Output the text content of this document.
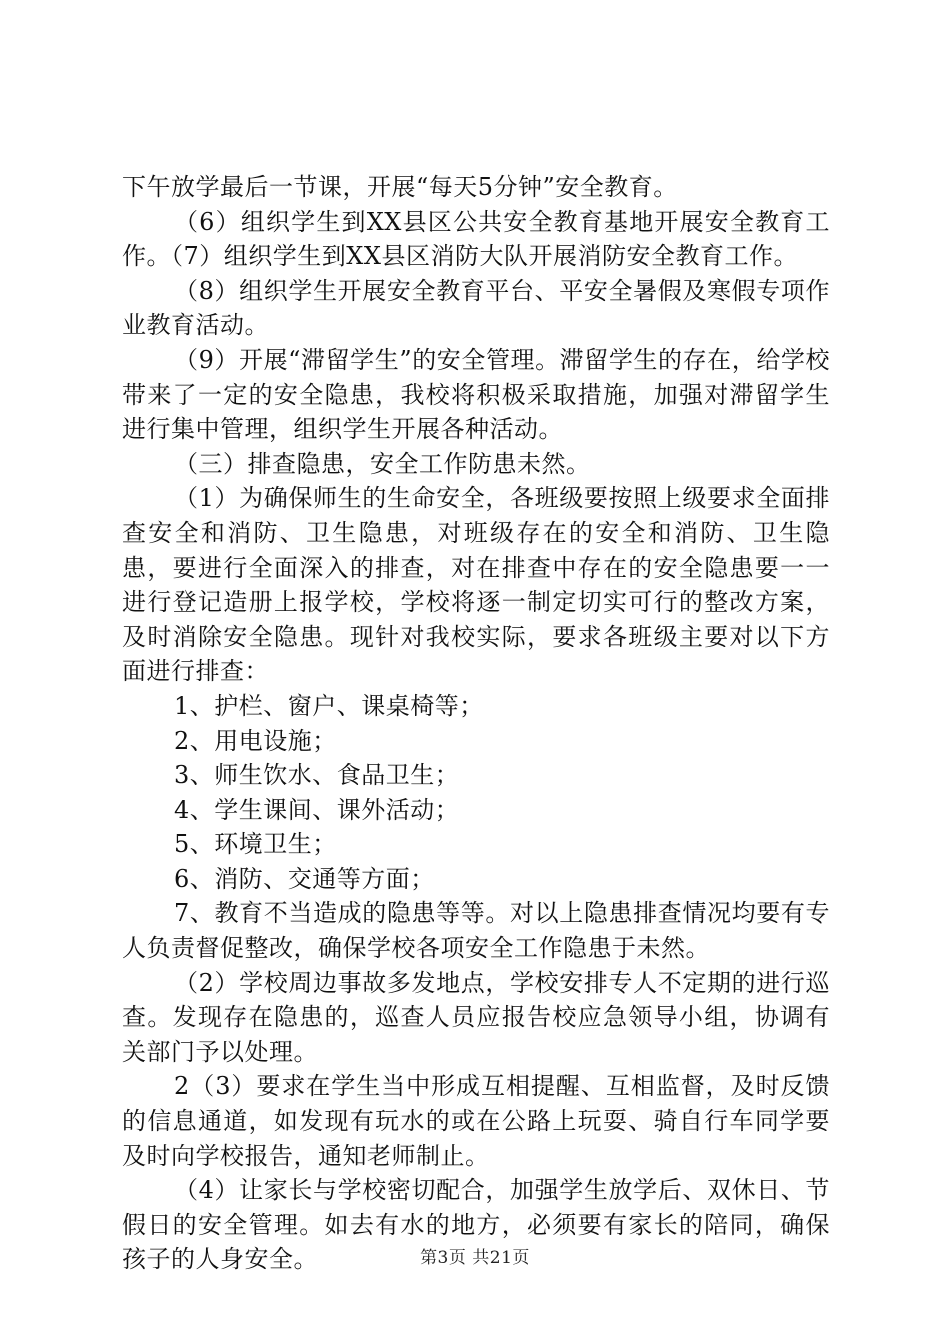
下午放学最后一节课，开展“每天5分钟”安全教育。

（6）组织学生到XX县区公共安全教育基地开展安全教育工作。（7）组织学生到XX县区消防大队开展消防安全教育工作。

（8）组织学生开展安全教育平台、平安全暑假及寒假专项作业教育活动。

（9）开展“滞留学生”的安全管理。滞留学生的存在，给学校带来了一定的安全隐患，我校将积极采取措施，加强对滞留学生进行集中管理，组织学生开展各种活动。

（三）排查隐患，安全工作防患未然。

（1）为确保师生的生命安全，各班级要按照上级要求全面排查安全和消防、卫生隐患，对班级存在的安全和消防、卫生隐患，要进行全面深入的排查，对在排查中存在的安全隐患要一一进行登记造册上报学校，学校将逐一制定切实可行的整改方案，及时消除安全隐患。现针对我校实际，要求各班级主要对以下方面进行排查：

1、护栏、窗户、课桌椅等；

2、用电设施；

3、师生饮水、食品卫生；

4、学生课间、课外活动；

5、环境卫生；

6、消防、交通等方面；

7、教育不当造成的隐患等等。对以上隐患排查情况均要有专人负责督促整改，确保学校各项安全工作隐患于未然。

（2）学校周边事故多发地点，学校安排专人不定期的进行巡查。发现存在隐患的，巡查人员应报告校应急领导小组，协调有关部门予以处理。

2（3）要求在学生当中形成互相提醒、互相监督，及时反馈的信息通道，如发现有玩水的或在公路上玩耍、骑自行车同学要及时向学校报告，通知老师制止。

（4）让家长与学校密切配合，加强学生放学后、双休日、节假日的安全管理。如去有水的地方，必须要有家长的陪同，确保孩子的人身安全。	第3页 共21页
